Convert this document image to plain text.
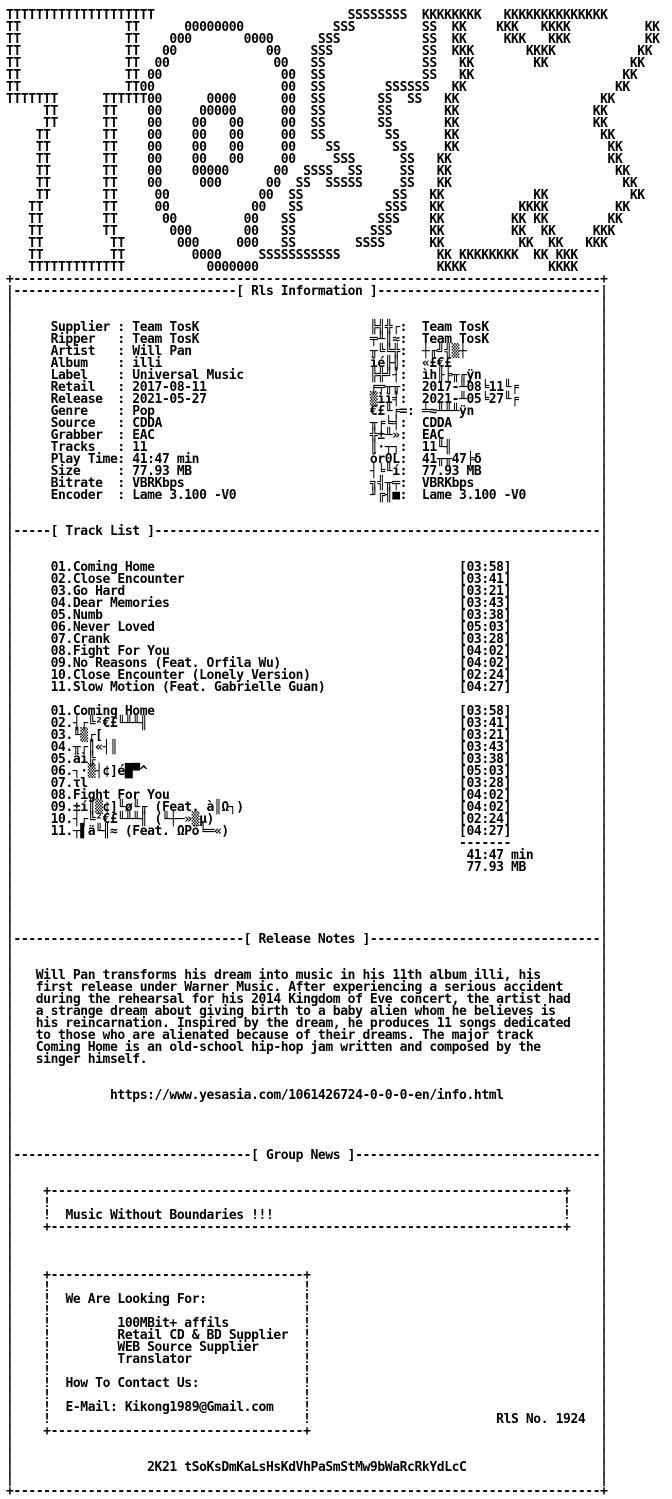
TTTTTTTTTTTTTTTTTTTT                          SSSSSSSS  KKKKKKKK   KKKKKKKKKKKKKK
TT              TT      00000000            SSS         SS  KK    KKK   KKKK          KK
TT              TT    000       0000      SSS           SS  KK     KKK   KKK          KK
TT              TT   00            00    SSS            SS  KKK       KKKK           KK
TT              TT  00              00   SS             SS   KK        KK           KK
TT              TT 00                00  SS             SS   KK                    KK
TT              TT00                 00  SS        SSSSSS   KK                    KK
TTTTTTT      TTTTTT00      0000      00  SS       SS  SS   KK                   KK
TT      TT    00     00000      00  SS       SS       KK                  KK
TT      TT    00    00   00     00  SS       SS       KK                  KK
TT       TT    00    00   00     00  SS        SS      KK                   KK
TT       TT    00    00   00     00    SS       SS     KK                    KK
TT       TT    00    00   00     00     SSS      SS   KK                     KK
TT       TT    00    00000      00  SSSS  SS     SS   KK                      KK
TT       TT    00     000      00  SS  SSSSS     SS   KK                       KK
TT       TT     00            00  SS            SS   KK            KK           KK
TT        TT     00           00   SS           SSS   KK          KKKK         KK
TT        TT      00         00   SS           SSS    KK         KK KK        KK
TT        TT       000       00   SS          SSS     KK         KK  KK     KKK
TT         TT       000     000   SS        SSSS      KK          KK  KK   KKK
TT         TT         0000     SSSSSSSSSSS             KK KKKKKKKK  KK KKK
TTTTTTTTTTTTT           0000000                        KKKK           KKKK
+-------------------------------------------------------------------------------+

|------------------------------[ Rls Information ]------------------------------|
|                                                                               |
|                                                                               |
|     Supplier : Team TosK                       ╠╣╬┌:  Team TosK               |
|     Ripper   : Team TosK                       ╤╨║≈:  Team TosK               |
|     Artist   : Will Pan                        ╥╚╚╬:  ┼╓╝╣▒┼                  |
|     Album    : illi                            ìé╟╢:  «£€£                    |
|     Label    : Universal Music                 ╠╬╝┤:  ìh╟╞╥╓ÿn                |
|     Retail   : 2017-08-11                      ╒╤╥╥:  2017-╨08╘11╙╒           |
|     Release  : 2021-05-27                      ▒ìì╡:  2021-╨05╘27╙╒           |
|     Genre    : Pop                             €£╙╒=: ╧≈╨╨╨ÿn                 |
|     Source   : CDDA                            ╥╒╘╡:  CDDA                    |
|     Grabber  : EAC                             ╬±╨»:  EAC                     |
|     Tracks   : 11                              ║·┬┐:  11╙╢                    |
|     Play Time: 41:47 min                       ór0L:  41╥╥47╞δ                |
|     Size     : 77.93 MB                        ┤╘╙í:  77.93 MB                |
|     Bitrate  : VBRKbps                         ╗╣╥╤:  VBRKbps                 |
|     Encoder  : Lame 3.100 -V0                  ╜╔╢■:  Lame 3.100 -V0          |
|                                                                               |
|                                                                               |

|-----[ Track List ]------------------------------------------------------------|
|                                                                               |
|                                                                               |
|     01.Coming Home                                         [03:58]            |
|     02.Close Encounter                                     [03:41]            |
|     03.Go Hard                                             [03:21]            |
|     04.Dear Memories                                       [03:43]            |
|     05.Numb                                                [03:38]            |
|     06.Never Loved                                         [05:03]            |
|     07.Crank                                               [03:28]            |
|     08.Fight For You                                       [04:02]            |
|     09.No Reasons (Feat. Orfila Wu)                        [04:02]            |
|     10.Close Encounter (Lonely Version)                    [02:24]            |
|     11.Slow Motion (Feat. Gabrielle Guan)                  [04:27]            |
|                                                                               |
|     01.Coming Home                                         [03:58]            |
|     02.┤┌╚²€£╙╨╨╢                                          [03:41]            |
|     03.╙▒┌[                                                [03:21]            |
|     04.╥┌║«┤║                                              [03:43]            |
|     05.äì╠                                                 [03:38]            |
|     06.┐·▒┤¢]é█▀^                                          [05:03]            |
|     07.τl                                                  [03:28]            |
|     08.Fight For You                                       [04:02]            |
|     09.±í║▒¢]╙ø╙╓ (Feat. à║Ω┐)                             [04:02]            |
|     10.┤┌╚²€£╙╨╨╢ (╙┼─»▒μ)                                 [02:24]            |
|     11.┬▌ä╙╢≈ (Feat. ΩPö╘═«)                               [04:27]            |
|                                                            -------            |
|	41:47 min         |
|	77.93 MB          |
|                                                                               |
|                                                                               |
|                                                                               |
|                                                                               |
|                                                                               |

|-------------------------------[ Release Notes ]-------------------------------|
|                                                                               |
|                                                                               |
|   Will Pan transforms his dream into music in his 11th album illi, his        |
|   first release under Warner Music. After experiencing a serious accident     |
|   during the rehearsal for his 2014 Kingdom of Eve concert, the artist had    |
|   a strange dream about giving birth to a baby alien whom he believes is      |
|   his reincarnation. Inspired by the dream, he produces 11 songs dedicated    |
|   to those who are alienated because of their dreams. The major track         |
|   Coming Home is an old-school hip-hop jam written and composed by the        |
|   singer himself.                                                             |
|                                                                               |
|                                                                               |
|             https://www.yesasia.com/1061426724-0-0-0-en/info.html             |
|                                                                               |
|                                                                               |
|                                                                               |
|                                                                               |

|--------------------------------[ Group News ]---------------------------------|
|                                                                               |
|                                                                               |
|    +---------------------------------------------------------------------+    |
|    !                                                                     !    |
|    !  Music Without Boundaries !!!                                       !    |
|    +---------------------------------------------------------------------+    |
|                                                                               |
|                                                                               |
|                                                                               |
|    +----------------------------------+                                       |
|    !                                  !                                       |
|    !  We Are Looking For:             !                                       |
|    !                                  !                                       |
|    !         100MBit+ affils          !                                       |
|    !         Retail CD & BD Supplier  !                                       |
|    !         WEB Source Supplier      !                                       |
|    !         Translator               !                                       |
|    !                                  !                                       |
|    !  How To Contact Us:              !                                       |
|    !                                  !                                       |
|    !  E-Mail: Kikong1989@Gmail.com    !                                       |
|    !                                  !                         RlS No. 1924  |
|    +----------------------------------+                                       |
|                                                                               |
|                                                                               |
|	2K21 tSoKsDmKaLsHsKdVhPaSmStMw9bWaRcRkYdLcC                  |
|                                                                               |
+-------------------------------------------------------------------------------+
